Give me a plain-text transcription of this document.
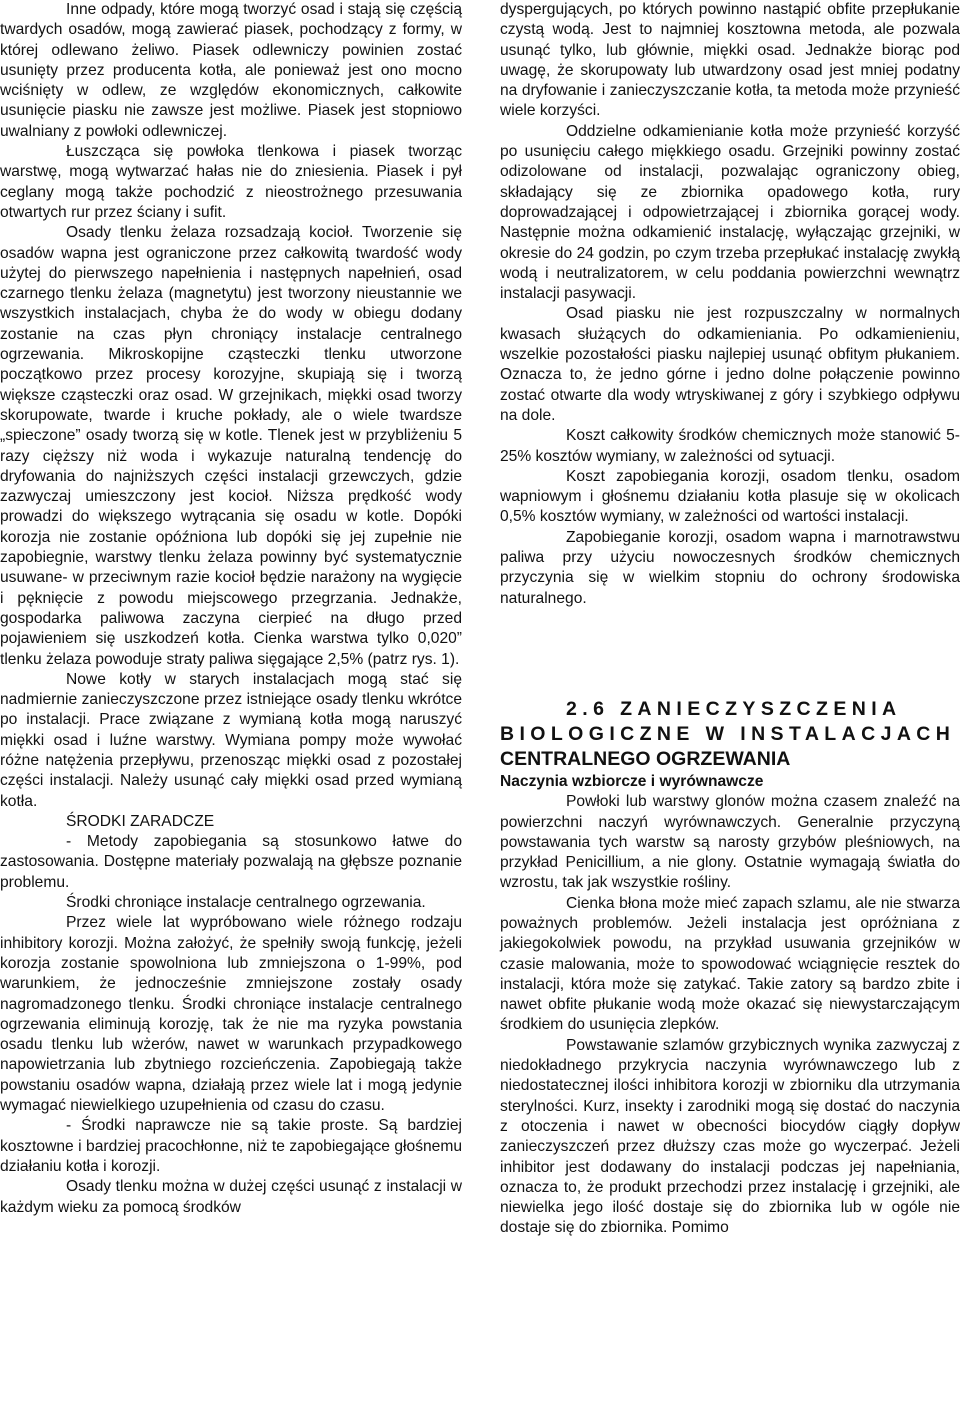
Inne odpady, które mogą tworzyć osad i stają się częścią twardych osadów, mogą zawierać piasek, pochodzący z formy, w której odlewano żeliwo. Piasek odlewniczy powinien zostać usunięty przez producenta kotła, ale ponieważ jest ono mocno wciśnięty w odlew, ze względów ekonomicznych, całkowite usunięcie piasku nie zawsze jest możliwe. Piasek jest stopniowo uwalniany z powłoki odlewniczej.

Łuszcząca się powłoka tlenkowa i piasek tworząc warstwę, mogą wytwarzać hałas nie do zniesienia. Piasek i pył ceglany mogą także pochodzić z nieostrożnego przesuwania otwartych rur przez ściany i sufit.

Osady tlenku żelaza rozsadzają kocioł. Tworzenie się osadów wapna jest ograniczone przez całkowitą twardość wody użytej do pierwszego napełnienia i następnych napełnień, osad czarnego tlenku żelaza (magnetytu) jest tworzony nieustannie we wszystkich instalacjach, chyba że do wody w obiegu dodany zostanie na czas płyn chroniący instalacje centralnego ogrzewania. Mikroskopijne cząsteczki tlenku utworzone początkowo przez procesy korozyjne, skupiają się i tworzą większe cząsteczki oraz osad. W grzejnikach, miękki osad tworzy skorupowate, twarde i kruche pokłady, ale o wiele twardsze „spieczone” osady tworzą się w kotle. Tlenek jest w przybliżeniu 5 razy cięższy niż woda i wykazuje naturalną tendencję do dryfowania do najniższych części instalacji grzewczych, gdzie zazwyczaj umieszczony jest kocioł. Niższa prędkość wody prowadzi do większego wytrącania się osadu w kotle. Dopóki korozja nie zostanie opóźniona lub dopóki się jej zupełnie nie zapobiegnie, warstwy tlenku żelaza powinny być systematycznie usuwane- w przeciwnym razie kocioł będzie narażony na wygięcie i pęknięcie z powodu miejscowego przegrzania. Jednakże, gospodarka paliwowa zaczyna cierpieć na długo przed pojawieniem się uszkodzeń kotła. Cienka warstwa tylko 0,020” tlenku żelaza powoduje straty paliwa sięgające 2,5% (patrz rys. 1).

Nowe kotły w starych instalacjach mogą stać się nadmiernie zanieczyszczone przez istniejące osady tlenku wkrótce po instalacji. Prace związane z wymianą kotła mogą naruszyć miękki osad i luźne warstwy. Wymiana pompy może wywołać różne natężenia przepływu, przenosząc miękki osad z pozostałej części instalacji. Należy usunąć cały miękki osad przed wymianą kotła.

ŚRODKI ZARADCZE

- Metody zapobiegania są stosunkowo łatwe do zastosowania. Dostępne materiały pozwalają na głębsze poznanie problemu.

Środki chroniące instalacje centralnego ogrzewania.

Przez wiele lat wypróbowano wiele różnego rodzaju inhibitory korozji. Można założyć, że spełniły swoją funkcję, jeżeli korozja zostanie spowolniona lub zmniejszona o 1-99%, pod warunkiem, że jednocześnie zmniejszone zostały osady nagromadzonego tlenku. Środki chroniące instalacje centralnego ogrzewania eliminują korozję, tak że nie ma ryzyka powstania osadu tlenku lub wżerów, nawet w warunkach przypadkowego napowietrzania lub zbytniego rozcieńczenia. Zapobiegają także powstaniu osadów wapna, działają przez wiele lat i mogą jedynie wymagać niewielkiego uzupełnienia od czasu do czasu.

- Środki naprawcze nie są takie proste. Są bardziej kosztowne i bardziej pracochłonne, niż te zapobiegające głośnemu działaniu kotła i korozji.

Osady tlenku można w dużej części usunąć z instalacji w każdym wieku za pomocą środków

dyspergujących, po których powinno nastąpić obfite przepłukanie czystą wodą. Jest to najmniej kosztowna metoda, ale pozwala usunąć tylko, lub głównie, miękki osad. Jednakże biorąc pod uwagę, że skorupowaty lub utwardzony osad jest mniej podatny na dryfowanie i zanieczyszczanie kotła, ta metoda może przynieść wiele korzyści.

Oddzielne odkamienianie kotła może przynieść korzyść po usunięciu całego miękkiego osadu. Grzejniki powinny zostać odizolowane od instalacji, pozwalając ograniczony obieg, składający się ze zbiornika opadowego kotła, rury doprowadzającej i odpowietrzającej i zbiornika gorącej wody. Następnie można odkamienić instalację, wyłączając grzejniki, w okresie do 24 godzin, po czym trzeba przepłukać instalację zwykłą wodą i neutralizatorem, w celu poddania powierzchni wewnątrz instalacji pasywacji.

Osad piasku nie jest rozpuszczalny w normalnych kwasach służących do odkamieniania. Po odkamienieniu, wszelkie pozostałości piasku najlepiej usunąć obfitym płukaniem. Oznacza to, że jedno górne i jedno dolne połączenie powinno zostać otwarte dla wody wtryskiwanej z góry i szybkiego odpływu na dole.

Koszt całkowity środków chemicznych może stanowić 5-25% kosztów wymiany, w zależności od sytuacji.

Koszt zapobiegania korozji, osadom tlenku, osadom wapniowym i głośnemu działaniu kotła plasuje się w okolicach 0,5% kosztów wymiany, w zależności od wartości instalacji.

Zapobieganie korozji, osadom wapna i marnotrawstwu paliwa przy użyciu nowoczesnych środków chemicznych przyczynia się w wielkim stopniu do ochrony środowiska naturalnego.

2.6 ZANIECZYSZCZENIA

BIOLOGICZNE W INSTALACJACH

CENTRALNEGO OGRZEWANIA

Naczynia wzbiorcze i wyrównawcze

Powłoki lub warstwy glonów można czasem znaleźć na powierzchni naczyń wyrównawczych. Generalnie przyczyną powstawania tych warstw są narosty grzybów pleśniowych, na przykład Penicillium, a nie glony. Ostatnie wymagają światła do wzrostu, tak jak wszystkie rośliny.

Cienka błona może mieć zapach szlamu, ale nie stwarza poważnych problemów. Jeżeli instalacja jest opróżniana z jakiegokolwiek powodu, na przykład usuwania grzejników w czasie malowania, może to spowodować wciągnięcie resztek do instalacji, która może się zatykać. Takie zatory są bardzo zbite i nawet obfite płukanie wodą może okazać się niewystarczającym środkiem do usunięcia zlepków.

Powstawanie szlamów grzybicznych wynika zazwyczaj z niedokładnego przykrycia naczynia wyrównawczego lub z niedostatecznej ilości inhibitora korozji w zbiorniku dla utrzymania sterylności. Kurz, insekty i zarodniki mogą się dostać do naczynia z otoczenia i nawet w obecności biocydów ciągły dopływ zanieczyszczeń przez dłuższy czas może go wyczerpać. Jeżeli inhibitor jest dodawany do instalacji podczas jej napełniania, oznacza to, że produkt przechodzi przez instalację i grzejniki, ale niewielka jego ilość dostaje się do zbiornika lub w ogóle nie dostaje się do zbiornika. Pomimo
